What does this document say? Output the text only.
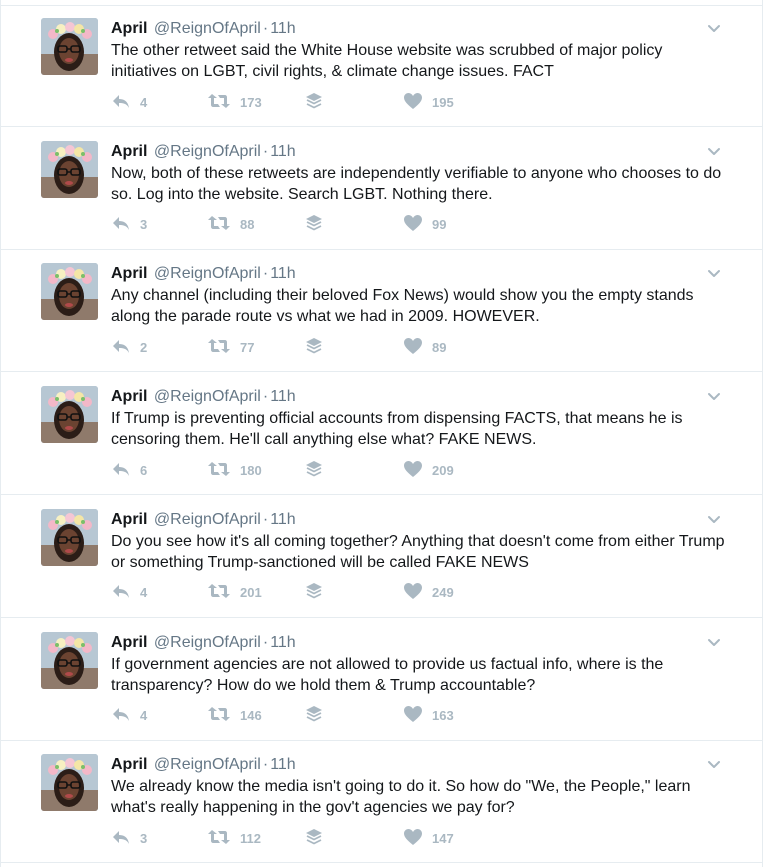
April @ReignOfApril · 11h
The other retweet said the White House website was scrubbed of major policy initiatives on LGBT, civil rights, & climate change issues. FACT
4	173	195
April @ReignOfApril · 11h
Now, both of these retweets are independently verifiable to anyone who chooses to do so. Log into the website. Search LGBT. Nothing there.
3	88	99
April @ReignOfApril · 11h
Any channel (including their beloved Fox News) would show you the empty stands along the parade route vs what we had in 2009. HOWEVER.
2	77	89
April @ReignOfApril · 11h
If Trump is preventing official accounts from dispensing FACTS, that means he is censoring them. He'll call anything else what? FAKE NEWS.
6	180	209
April @ReignOfApril · 11h
Do you see how it's all coming together? Anything that doesn't come from either Trump or something Trump-sanctioned will be called FAKE NEWS
4	201	249
April @ReignOfApril · 11h
If government agencies are not allowed to provide us factual info, where is the transparency? How do we hold them & Trump accountable?
4	146	163
April @ReignOfApril · 11h
We already know the media isn't going to do it. So how do "We, the People," learn what's really happening in the gov't agencies we pay for?
3	112	147
